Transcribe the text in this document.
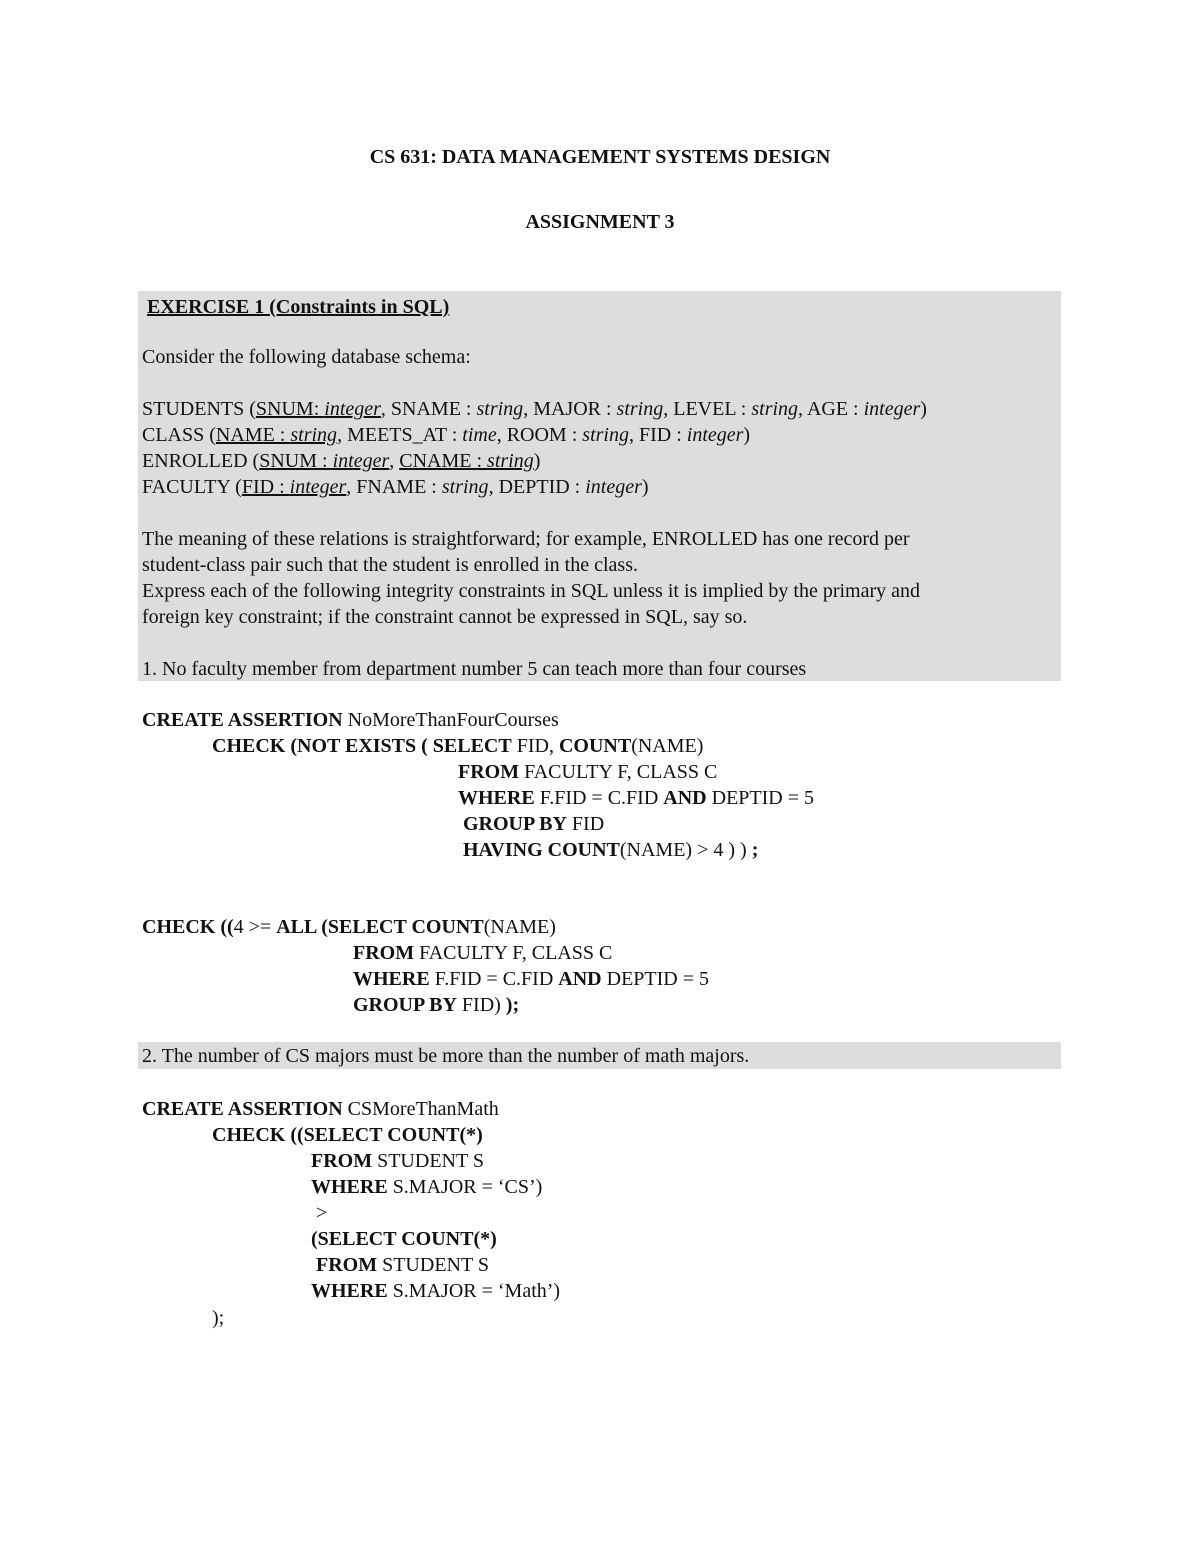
CS 631: DATA MANAGEMENT SYSTEMS DESIGN
ASSIGNMENT 3
EXERCISE 1 (Constraints in SQL)
Consider the following database schema:
STUDENTS (SNUM: integer, SNAME : string, MAJOR : string, LEVEL : string, AGE : integer)
CLASS (NAME : string, MEETS_AT : time, ROOM : string, FID : integer)
ENROLLED (SNUM : integer, CNAME : string)
FACULTY (FID : integer, FNAME : string, DEPTID : integer)
The meaning of these relations is straightforward; for example, ENROLLED has one record per
student-class pair such that the student is enrolled in the class.
Express each of the following integrity constraints in SQL unless it is implied by the primary and
foreign key constraint; if the constraint cannot be expressed in SQL, say so.
1. No faculty member from department number 5 can teach more than four courses
CREATE ASSERTION NoMoreThanFourCourses
CHECK (NOT EXISTS ( SELECT FID, COUNT(NAME)
FROM FACULTY F, CLASS C
WHERE F.FID = C.FID AND DEPTID = 5
GROUP BY FID
HAVING COUNT(NAME) > 4 ) ) ;
CHECK ((4 >= ALL (SELECT COUNT(NAME)
FROM FACULTY F, CLASS C
WHERE F.FID = C.FID AND DEPTID = 5
GROUP BY FID) );
2. The number of CS majors must be more than the number of math majors.
CREATE ASSERTION CSMoreThanMath
CHECK ((SELECT COUNT(*)
FROM STUDENT S
WHERE S.MAJOR = ‘CS’)
>
(SELECT COUNT(*)
FROM STUDENT S
WHERE S.MAJOR = ‘Math’)
);
